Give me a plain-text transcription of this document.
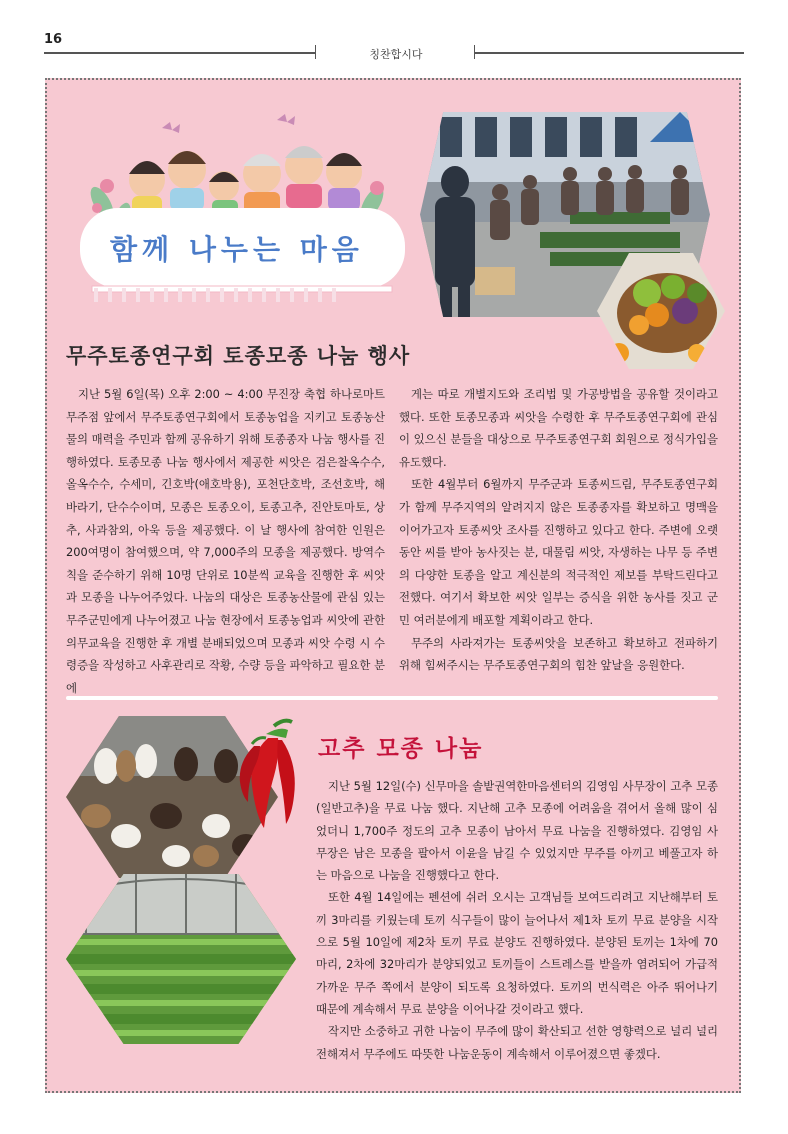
16
칭찬합시다
함께 나누는 마음
무주토종연구회 토종모종 나눔 행사

지난 5월 6일(목) 오후 2:00 ~ 4:00 무진장 축협 하나로마트 무주점 앞에서 무주토종연구회에서 토종농업을 지키고 토종농산물의 매력을 주민과 함께 공유하기 위해 토종종자 나눔 행사를 진행하였다. 토종모종 나눔 행사에서 제공한 씨앗은 검은찰옥수수, 올옥수수, 수세미, 긴호박(애호박용), 포천단호박, 조선호박, 해바라기, 단수수이며, 모종은 토종오이, 토종고추, 진안토마토, 상추, 사과참외, 아욱 등을 제공했다. 이 날 행사에 참여한 인원은 200여명이 참여했으며, 약 7,000주의 모종을 제공했다. 방역수칙을 준수하기 위해 10명 단위로 10분씩 교육을 진행한 후 씨앗과 모종을 나누어주었다. 나눔의 대상은 토종농산물에 관심 있는 무주군민에게 나누어졌고 나눔 현장에서 토종농업과 씨앗에 관한 의무교육을 진행한 후 개별 분배되었으며 모종과 씨앗 수령 시 수령증을 작성하고 사후관리로 작황, 수량 등을 파악하고 필요한 분에

게는 따로 개별지도와 조리법 및 가공방법을 공유할 것이라고 했다. 또한 토종모종과 씨앗을 수령한 후 무주토종연구회에 관심이 있으신 분들을 대상으로 무주토종연구회 회원으로 정식가입을 유도했다.

또한 4월부터 6월까지 무주군과 토종씨드림, 무주토종연구회가 함께 무주지역의 알려지지 않은 토종종자를 확보하고 명맥을 이어가고자 토종씨앗 조사를 진행하고 있다고 한다. 주변에 오랫동안 씨를 받아 농사짓는 분, 대물림 씨앗, 자생하는 나무 등 주변의 다양한 토종을 알고 계신분의 적극적인 제보를 부탁드린다고 전했다. 여기서 확보한 씨앗 일부는 증식을 위한 농사를 짓고 군민 여러분에게 배포할 계획이라고 한다.

무주의 사라져가는 토종씨앗을 보존하고 확보하고 전파하기 위해 힘써주시는 무주토종연구회의 힘찬 앞날을 응원한다.

고추 모종 나눔

지난 5월 12일(수) 신무마을 솔밭권역한마음센터의 김영임 사무장이 고추 모종(일반고추)을 무료 나눔 했다. 지난해 고추 모종에 어려움을 겪어서 올해 많이 심었더니 1,700주 정도의 고추 모종이 남아서 무료 나눔을 진행하였다. 김영임 사무장은 남은 모종을 팔아서 이윤을 남길 수 있었지만 무주를 아끼고 베풀고자 하는 마음으로 나눔을 진행했다고 한다.

또한 4월 14일에는 펜션에 쉬러 오시는 고객님들 보여드리려고 지난해부터 토끼 3마리를 키웠는데 토끼 식구들이 많이 늘어나서 제1차 토끼 무료 분양을 시작으로 5월 10일에 제2차 토끼 무료 분양도 진행하였다. 분양된 토끼는 1차에 70마리, 2차에 32마리가 분양되었고 토끼들이 스트레스를 받을까 염려되어 가급적 가까운 무주 쪽에서 분양이 되도록 요청하였다. 토끼의 번식력은 아주 뛰어나기 때문에 계속해서 무료 분양을 이어나갈 것이라고 했다.

작지만 소중하고 귀한 나눔이 무주에 많이 확산되고 선한 영향력으로 널리 널리 전해져서 무주에도 따뜻한 나눔운동이 계속해서 이루어졌으면 좋겠다.
